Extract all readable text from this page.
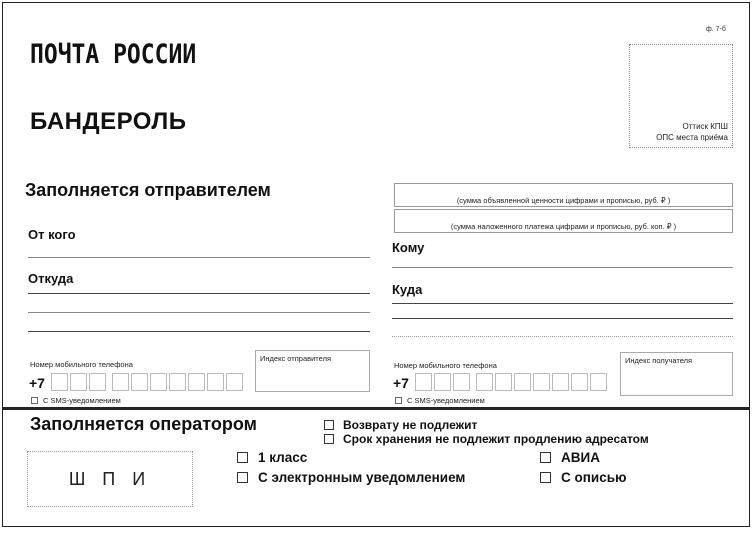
ф. 7-б
ПОЧТА РОССИИ
БАНДЕРОЛЬ	Оттиск КПШ
ОПС места приёма
Заполняется отправителем
От кого
Откуда
Номер мобильного телефона
+7
С SMS-уведомлением
Индекс отправителя
(сумма объявленной ценности цифрами и прописью, руб. ₽ )
(сумма наложенного платежа цифрами и прописью, руб. коп. ₽ )
Кому
Куда
Номер мобильного телефона
+7
С SMS-уведомлением
Индекс получателя
Заполняется оператором	Возврату не подлежит
Срок хранения не подлежит продлению адресатом
Ш П И
1 класс	АВИА
С электронным уведомлением	С описью
